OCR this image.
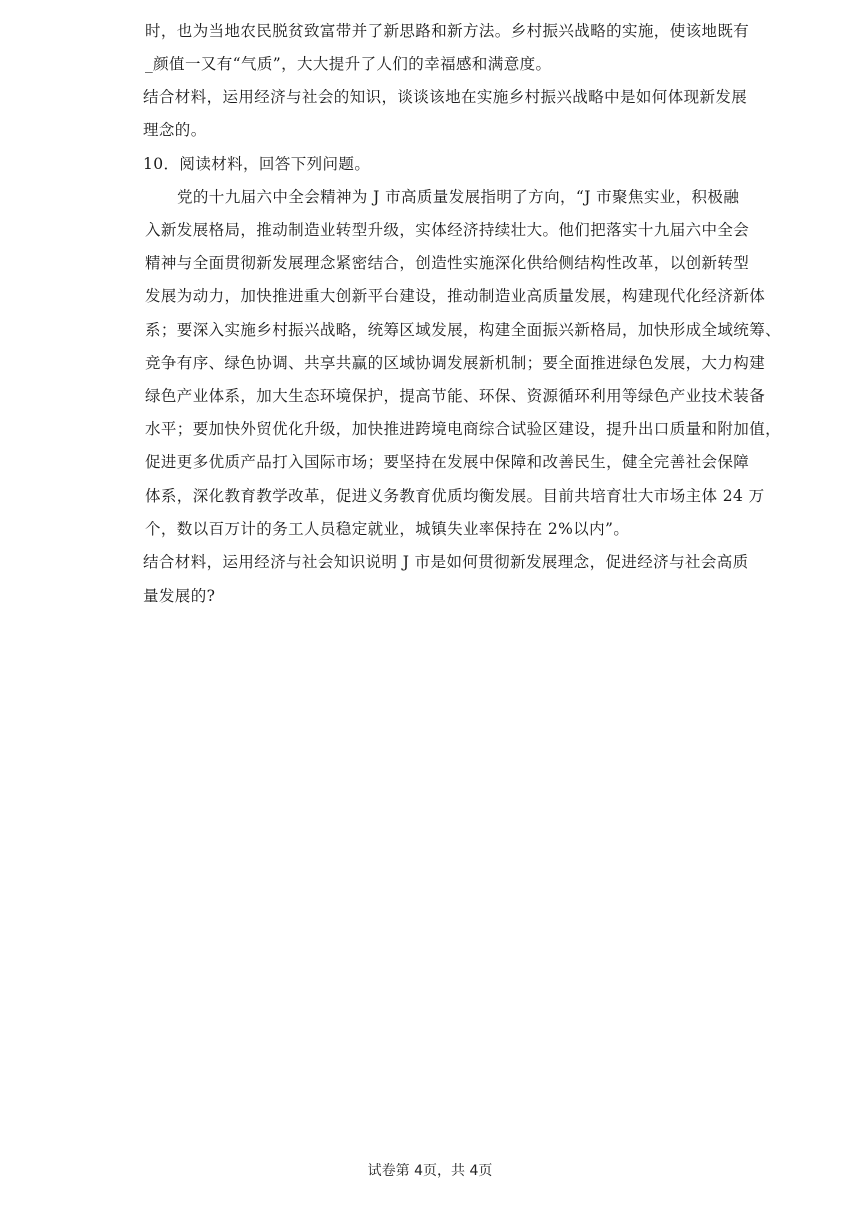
时，也为当地农民脱贫致富带并了新思路和新方法。乡村振兴战略的实施，使该地既有
_颜值一又有“气质”，大大提升了人们的幸福感和满意度。
结合材料，运用经济与社会的知识，谈谈该地在实施乡村振兴战略中是如何体现新发展
理念的。
10．阅读材料，回答下列问题。
党的十九届六中全会精神为 J 市高质量发展指明了方向，“J 市聚焦实业，积极融
入新发展格局，推动制造业转型升级，实体经济持续壮大。他们把落实十九届六中全会
精神与全面贯彻新发展理念紧密结合，创造性实施深化供给侧结构性改革，以创新转型
发展为动力，加快推进重大创新平台建设，推动制造业高质量发展，构建现代化经济新体
系；要深入实施乡村振兴战略，统筹区域发展，构建全面振兴新格局，加快形成全域统筹、
竞争有序、绿色协调、共享共赢的区域协调发展新机制；要全面推进绿色发展，大力构建
绿色产业体系，加大生态环境保护，提高节能、环保、资源循环利用等绿色产业技术装备
水平；要加快外贸优化升级，加快推进跨境电商综合试验区建设，提升出口质量和附加值，
促进更多优质产品打入国际市场；要坚持在发展中保障和改善民生，健全完善社会保障
体系，深化教育教学改革，促进义务教育优质均衡发展。目前共培育壮大市场主体 24 万
个，数以百万计的务工人员稳定就业，城镇失业率保持在 2%以内”。
结合材料，运用经济与社会知识说明 J 市是如何贯彻新发展理念，促进经济与社会高质
量发展的?
试卷第 4页，共 4页
